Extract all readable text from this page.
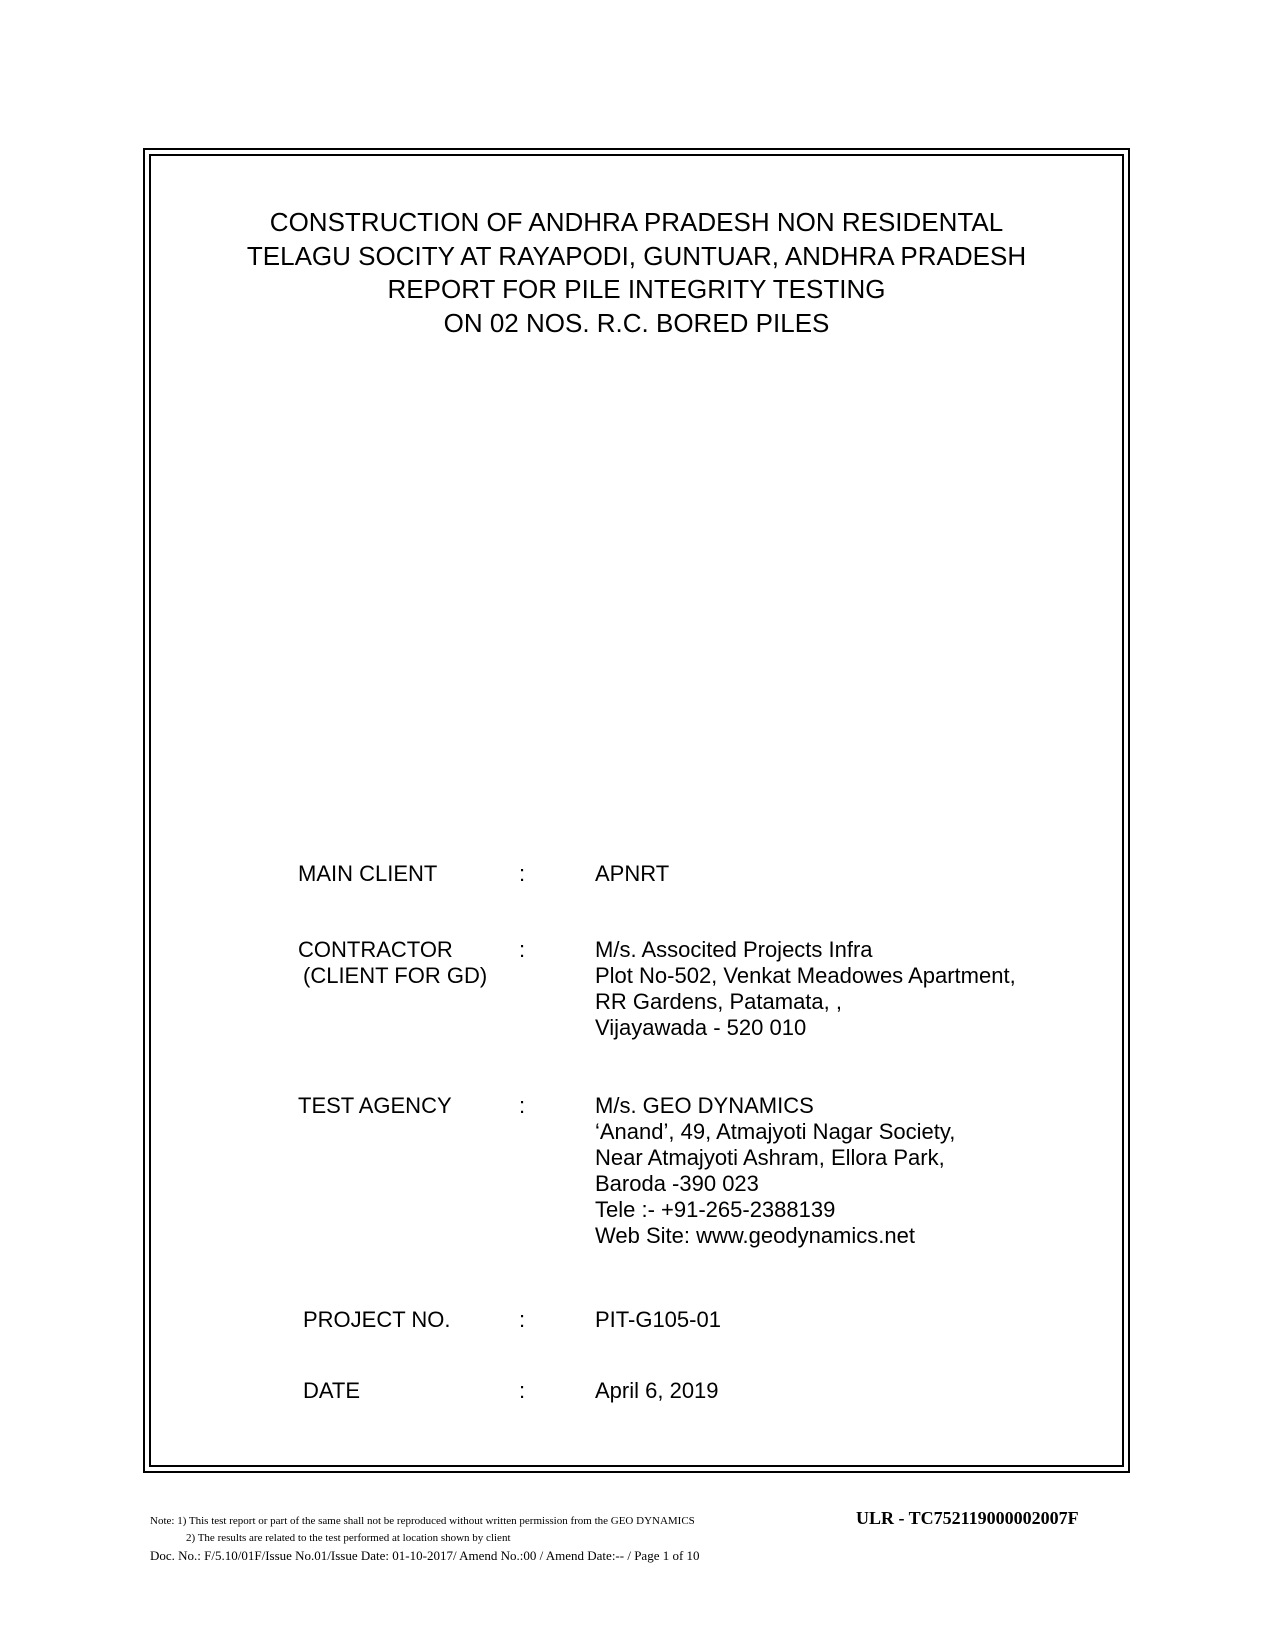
CONSTRUCTION OF ANDHRA PRADESH NON RESIDENTAL
TELAGU SOCITY AT RAYAPODI, GUNTUAR, ANDHRA PRADESH
REPORT FOR PILE INTEGRITY TESTING
ON 02 NOS. R.C. BORED PILES
MAIN CLIENT	:	APNRT
CONTRACTOR
(CLIENT FOR GD)
:	M/s. Associted Projects Infra
Plot No-502, Venkat Meadowes Apartment,
RR Gardens, Patamata, ,
Vijayawada - 520 010
TEST AGENCY	:	M/s. GEO DYNAMICS
‘Anand’, 49, Atmajyoti Nagar Society,
Near Atmajyoti Ashram, Ellora Park,
Baroda -390 023
Tele :- +91-265-2388139
Web Site: www.geodynamics.net
PROJECT NO.	:	PIT-G105-01
DATE	:	April 6, 2019
Note: 1) This test report or part of the same shall not be reproduced without written permission from the GEO DYNAMICS
2) The results are related to the test performed at location shown by client
Doc. No.: F/5.10/01F/Issue No.01/Issue Date: 01-10-2017/ Amend No.:00 / Amend Date:-- / Page 1 of 10
ULR - TC752119000002007F
